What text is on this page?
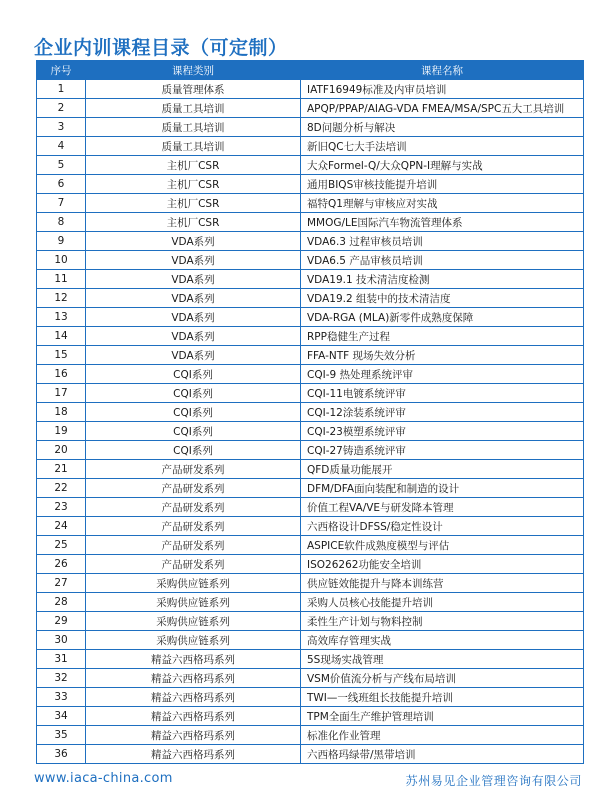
企业内训课程目录（可定制）
序号	课程类别	课程名称
1	质量管理体系	IATF16949标准及内审员培训
2	质量工具培训	APQP/PPAP/AIAG-VDA FMEA/MSA/SPC五大工具培训
3	质量工具培训	8D问题分析与解决
4	质量工具培训	新旧QC七大手法培训
5	主机厂CSR	大众Formel-Q/大众QPN-I理解与实战
6	主机厂CSR	通用BIQS审核技能提升培训
7	主机厂CSR	福特Q1理解与审核应对实战
8	主机厂CSR	MMOG/LE国际汽车物流管理体系
9	VDA系列	VDA6.3 过程审核员培训
10	VDA系列	VDA6.5 产品审核员培训
11	VDA系列	VDA19.1 技术清洁度检测
12	VDA系列	VDA19.2 组装中的技术清洁度
13	VDA系列	VDA-RGA (MLA)新零件成熟度保障
14	VDA系列	RPP稳健生产过程
15	VDA系列	FFA-NTF 现场失效分析
16	CQI系列	CQI-9 热处理系统评审
17	CQI系列	CQI-11电镀系统评审
18	CQI系列	CQI-12涂装系统评审
19	CQI系列	CQI-23模塑系统评审
20	CQI系列	CQI-27铸造系统评审
21	产品研发系列	QFD质量功能展开
22	产品研发系列	DFM/DFA面向装配和制造的设计
23	产品研发系列	价值工程VA/VE与研发降本管理
24	产品研发系列	六西格设计DFSS/稳定性设计
25	产品研发系列	ASPICE软件成熟度模型与评估
26	产品研发系列	ISO26262功能安全培训
27	采购供应链系列	供应链效能提升与降本训练营
28	采购供应链系列	采购人员核心技能提升培训
29	采购供应链系列	柔性生产计划与物料控制
30	采购供应链系列	高效库存管理实战
31	精益六西格玛系列	5S现场实战管理
32	精益六西格玛系列	VSM价值流分析与产线布局培训
33	精益六西格玛系列	TWI—一线班组长技能提升培训
34	精益六西格玛系列	TPM全面生产维护管理培训
35	精益六西格玛系列	标准化作业管理
36	精益六西格玛系列	六西格玛绿带/黑带培训
www.iaca-china.com	苏州易见企业管理咨询有限公司
